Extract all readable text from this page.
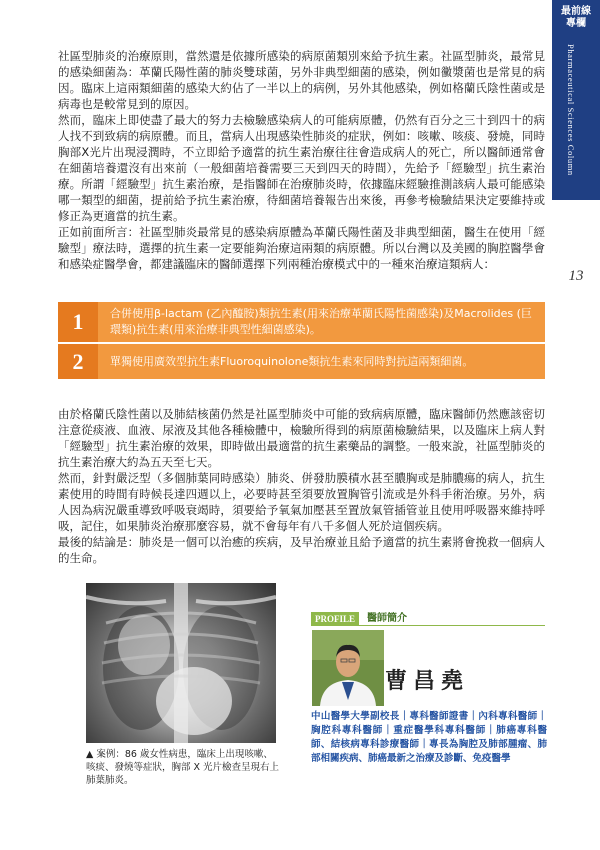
最前線
專欄
Pharmaceutical Sciences Column
13

社區型肺炎的治療原則，當然還是依據所感染的病原菌類別來給予抗生素。社區型肺炎，最常見的感染細菌為：革蘭氏陽性菌的肺炎雙球菌，另外非典型細菌的感染，例如黴漿菌也是常見的病因。臨床上這兩類細菌的感染大約佔了一半以上的病例，另外其他感染，例如格蘭氏陰性菌或是病毒也是較常見到的原因。

然而，臨床上即使盡了最大的努力去檢驗感染病人的可能病原體，仍然有百分之三十到四十的病人找不到致病的病原體。而且，當病人出現感染性肺炎的症狀，例如：咳嗽、咳痰、發燒，同時胸部X光片出現浸潤時，不立即給予適當的抗生素治療往往會造成病人的死亡，所以醫師通常會在細菌培養還沒有出來前（一般細菌培養需要三天到四天的時間），先給予「經驗型」抗生素治療。所謂「經驗型」抗生素治療，是指醫師在治療肺炎時，依據臨床經驗推測該病人最可能感染哪一類型的細菌，提前給予抗生素治療，待細菌培養報告出來後，再參考檢驗結果決定要維持或修正為更適當的抗生素。

正如前面所言：社區型肺炎最常見的感染病原體為革蘭氏陽性菌及非典型細菌，醫生在使用「經驗型」療法時，選擇的抗生素一定要能夠治療這兩類的病原體。所以台灣以及美國的胸腔醫學會和感染症醫學會，都建議臨床的醫師選擇下列兩種治療模式中的一種來治療這類病人：

1	合併使用β-lactam (乙內醯胺)類抗生素(用來治療革蘭氏陽性菌感染)及Macrolides (巨環類)抗生素(用來治療非典型性細菌感染)。
2	單獨使用廣效型抗生素Fluoroquinolone類抗生素來同時對抗這兩類細菌。

由於格蘭氏陰性菌以及肺結核菌仍然是社區型肺炎中可能的致病病原體，臨床醫師仍然應該密切注意從痰液、血液、尿液及其他各種檢體中，檢驗所得到的病原菌檢驗結果，以及臨床上病人對「經驗型」抗生素治療的效果，即時做出最適當的抗生素藥品的調整。一般來說，社區型肺炎的抗生素治療大約為五天至七天。

然而，針對嚴泛型（多個肺葉同時感染）肺炎、併發肋膜積水甚至膿胸或是肺膿瘍的病人，抗生素使用的時間有時候長達四週以上，必要時甚至須要放置胸管引流或是外科手術治療。另外，病人因為病況嚴重導致呼吸衰竭時，須要給予氧氣加壓甚至置放氣管插管並且使用呼吸器來維持呼吸，記住，如果肺炎治療那麼容易，就不會每年有八千多個人死於這個疾病。

最後的結論是：肺炎是一個可以治癒的疾病，及早治療並且給予適當的抗生素將會挽救一個病人的生命。

▲ 案例：86 歲女性病患，臨床上出現咳嗽、咳痰、發燒等症狀，胸部 X 光片檢查呈現右上肺葉肺炎。
PROFILE	醫師簡介
曹昌堯
中山醫學大學副校長｜專科醫師證書｜內科專科醫師｜胸腔科專科醫師｜重症醫學科專科醫師｜肺癌專科醫師、結核病專科診療醫師｜專長為胸腔及肺部腫瘤、肺部相關疾病、肺癌最新之治療及診斷、免疫醫學
